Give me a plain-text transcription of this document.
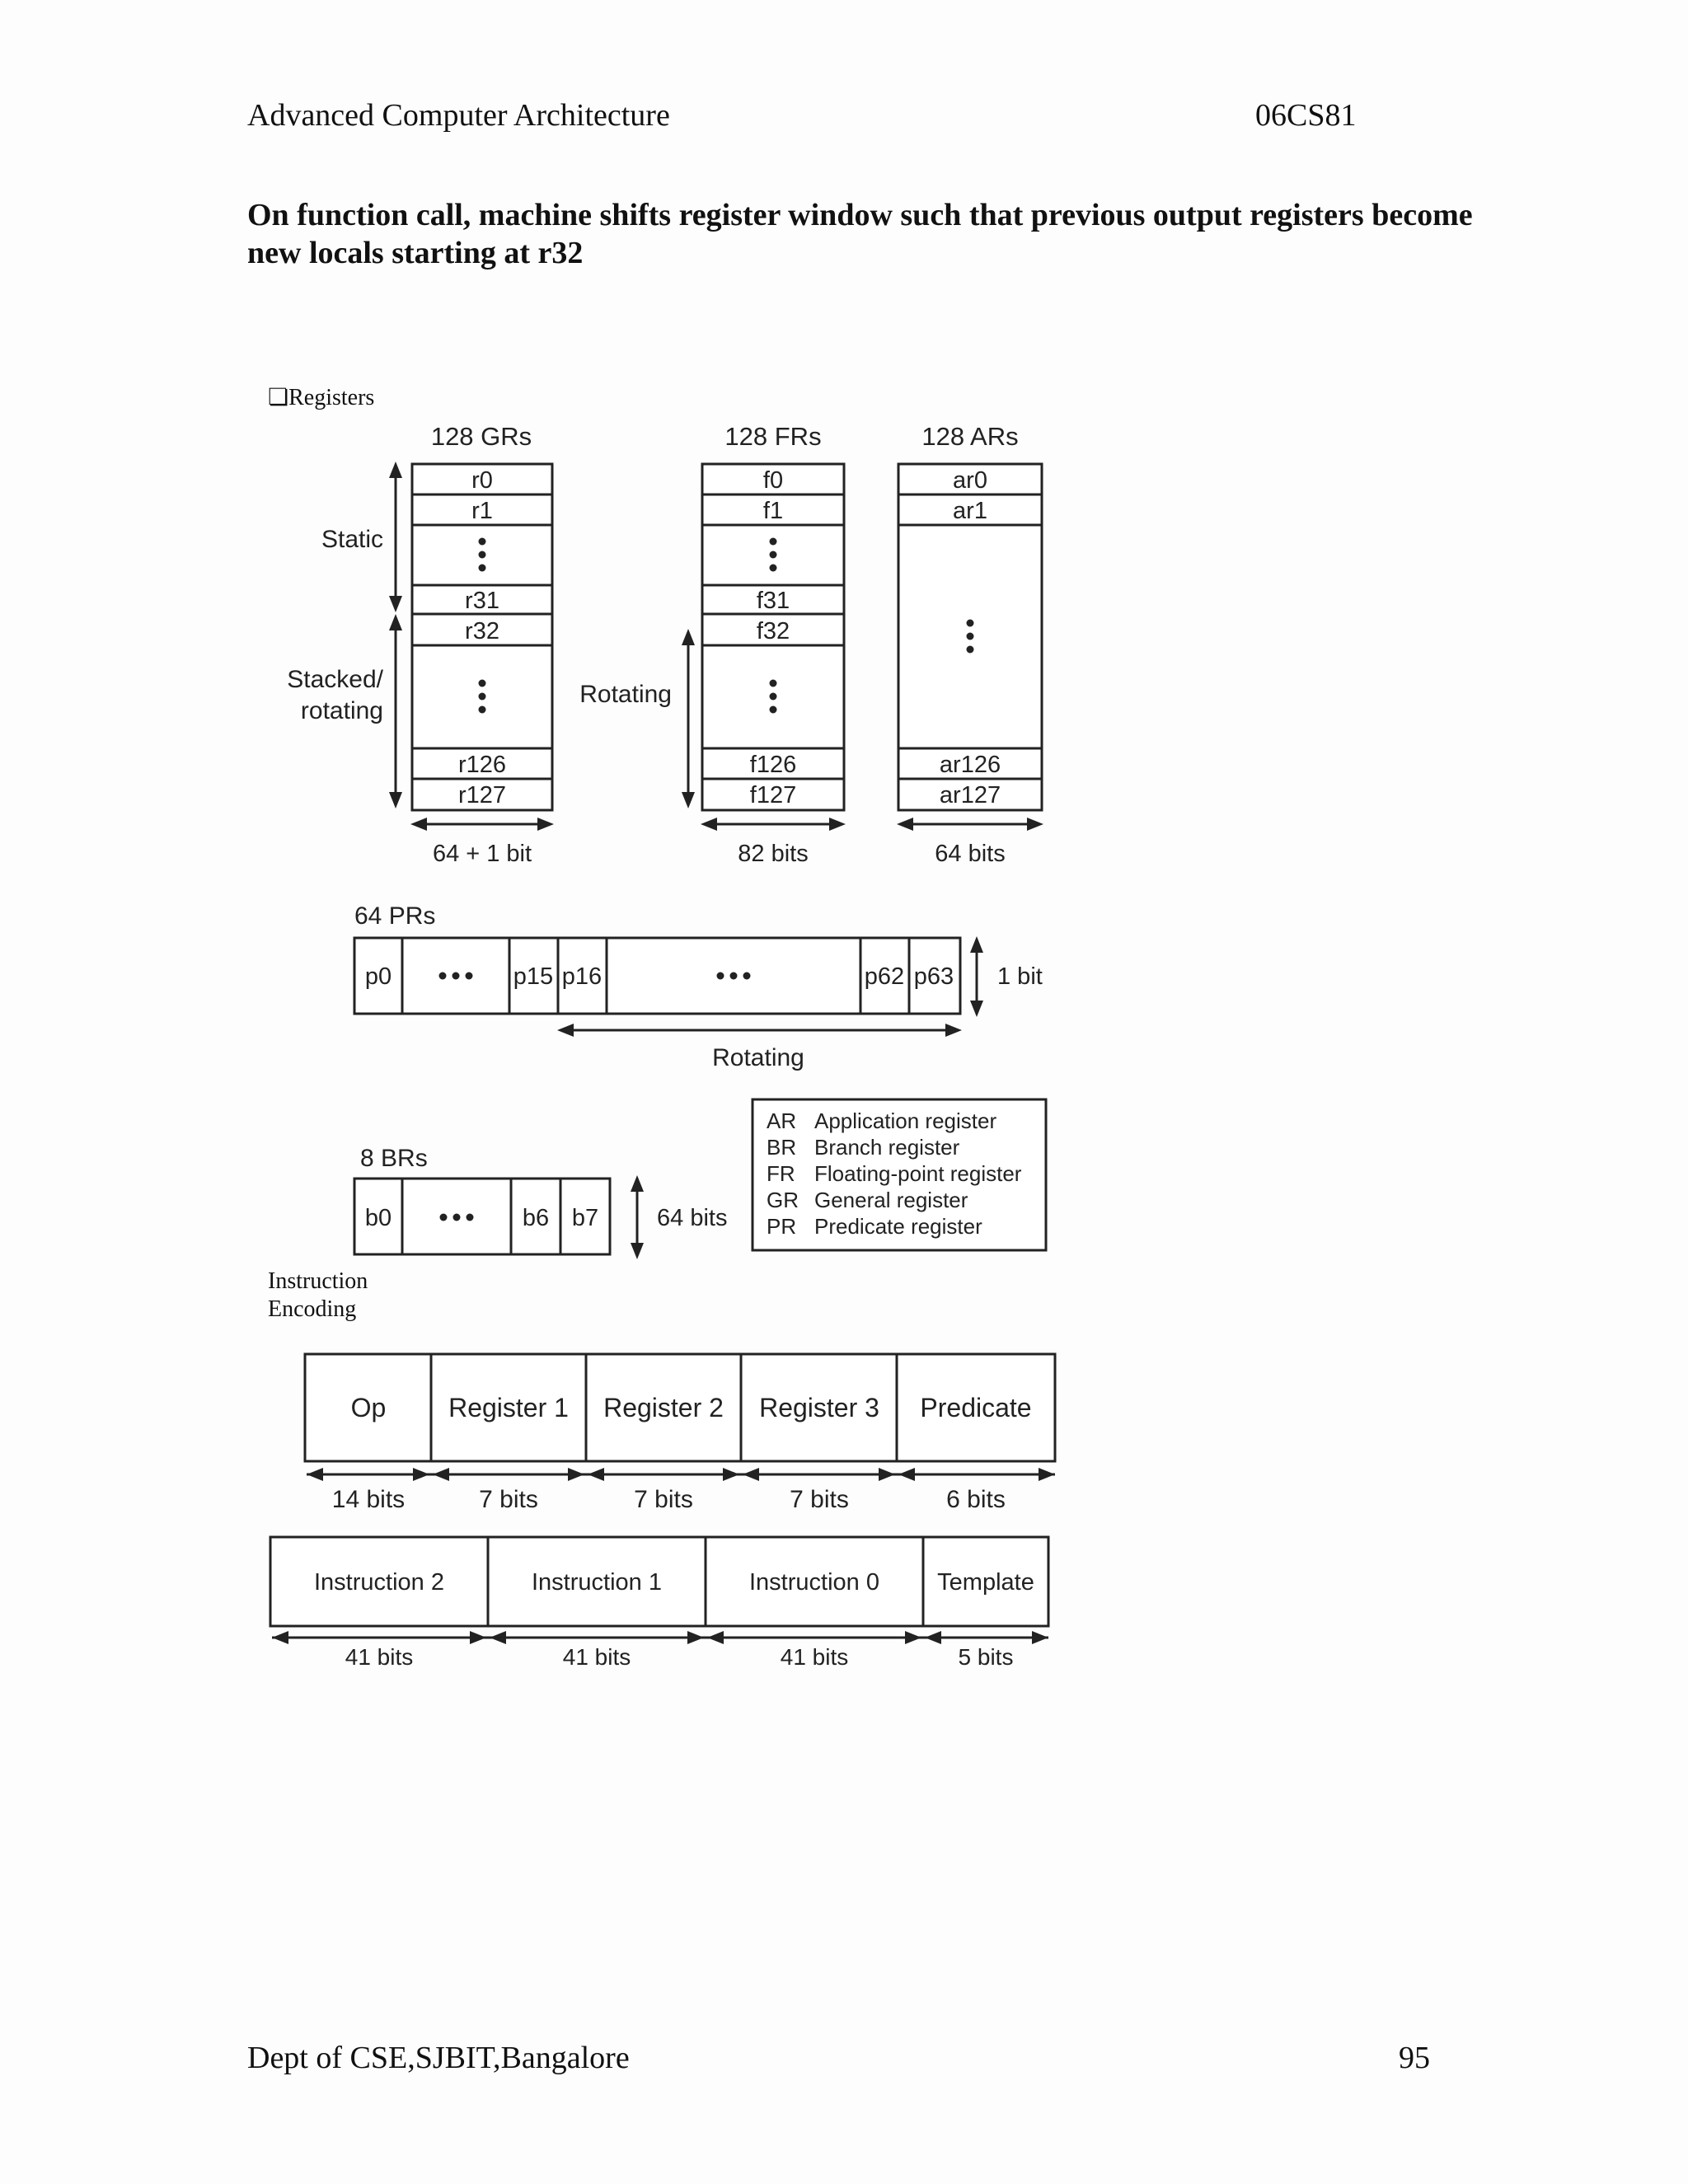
Advanced Computer Architecture	06CS81
On function call, machine shifts register window such that previous output registers become new locals starting at r32
❏Registers
Instruction
Encoding
128 GRs
r0
r1
r31
r32
r126
r127
Static
Stacked/
rotating
64 + 1 bit
128 FRs
f0
f1
f31
f32
f126
f127
Rotating
82 bits
128 ARs
ar0
ar1
ar126
ar127
64 bits
64 PRs
p0	p15 p16	p62 p63 1 bit
Rotating
8 BRs
b0	b6 b7 64 bits
AR Application register
BR Branch register
FR Floating-point register
GR General register
PR Predicate register
Op Register 1 Register 2 Register 3 Predicate
14 bits	7 bits	7 bits	7 bits	6 bits
Instruction 2	Instruction 1	Instruction 0 Template
41 bits	41 bits	41 bits	5 bits
Dept of CSE,SJBIT,Bangalore	95
